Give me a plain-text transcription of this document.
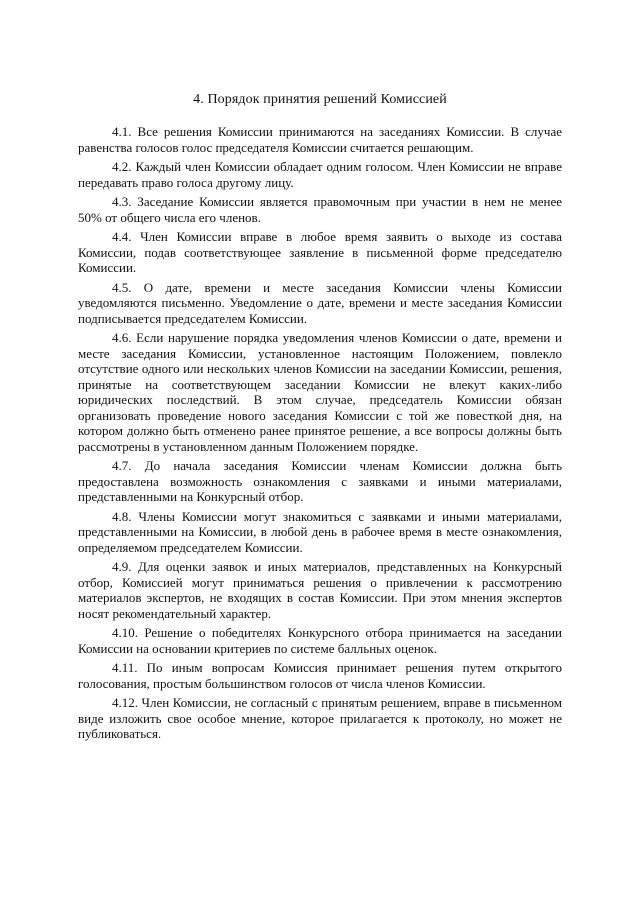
4. Порядок принятия решений Комиссией

4.1. Все решения Комиссии принимаются на заседаниях Комиссии. В случае равенства голосов голос председателя Комиссии считается решающим.

4.2. Каждый член Комиссии обладает одним голосом. Член Комиссии не вправе передавать право голоса другому лицу.

4.3. Заседание Комиссии является правомочным при участии в нем не менее 50% от общего числа его членов.

4.4. Член Комиссии вправе в любое время заявить о выходе из состава Комиссии, подав соответствующее заявление в письменной форме председателю Комиссии.

4.5. О дате, времени и месте заседания Комиссии члены Комиссии уведомляются письменно. Уведомление о дате, времени и месте заседания Комиссии подписывается председателем Комиссии.

4.6. Если нарушение порядка уведомления членов Комиссии о дате, времени и месте заседания Комиссии, установленное настоящим Положением, повлекло отсутствие одного или нескольких членов Комиссии на заседании Комиссии, решения, принятые на соответствующем заседании Комиссии не влекут каких-либо юридических последствий. В этом случае, председатель Комиссии обязан организовать проведение нового заседания Комиссии с той же повесткой дня, на котором должно быть отменено ранее принятое решение, а все вопросы должны быть рассмотрены в установленном данным Положением порядке.

4.7. До начала заседания Комиссии членам Комиссии должна быть предоставлена возможность ознакомления с заявками и иными материалами, представленными на Конкурсный отбор.

4.8. Члены Комиссии могут знакомиться с заявками и иными материалами, представленными на Комиссии, в любой день в рабочее время в месте ознакомления, определяемом председателем Комиссии.

4.9. Для оценки заявок и иных материалов, представленных на Конкурсный отбор, Комиссией могут приниматься решения о привлечении к рассмотрению материалов экспертов, не входящих в состав Комиссии. При этом мнения экспертов носят рекомендательный характер.

4.10. Решение о победителях Конкурсного отбора принимается на заседании Комиссии на основании критериев по системе балльных оценок.

4.11. По иным вопросам Комиссия принимает решения путем открытого голосования, простым большинством голосов от числа членов Комиссии.

4.12. Член Комиссии, не согласный с принятым решением, вправе в письменном виде изложить свое особое мнение, которое прилагается к протоколу, но может не публиковаться.
